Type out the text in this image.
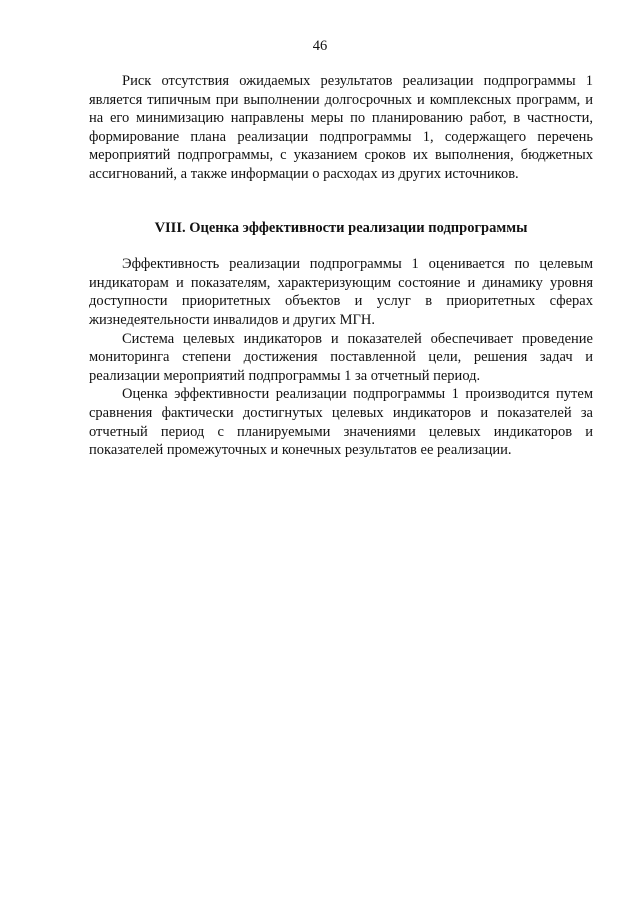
46

Риск отсутствия ожидаемых результатов реализации подпрограммы 1 является типичным при выполнении долгосрочных и комплексных программ, и на его минимизацию направлены меры по планированию работ, в частности, формирование плана реализации подпрограммы 1, содержащего перечень мероприятий подпрограммы, с указанием сроков их выполнения, бюджетных ассигнований, а также информации о расходах из других источников.

VIII. Оценка эффективности реализации подпрограммы

Эффективность реализации подпрограммы 1 оценивается по целевым индикаторам и показателям, характеризующим состояние и динамику уровня доступности приоритетных объектов и услуг в приоритетных сферах жизнедеятельности инвалидов и других МГН.

Система целевых индикаторов и показателей обеспечивает проведение мониторинга степени достижения поставленной цели, решения задач и реализации мероприятий подпрограммы 1 за отчетный период.

Оценка эффективности реализации подпрограммы 1 производится путем сравнения фактически достигнутых целевых индикаторов и показателей за отчетный период с планируемыми значениями целевых индикаторов и показателей промежуточных и конечных результатов ее реализации.
